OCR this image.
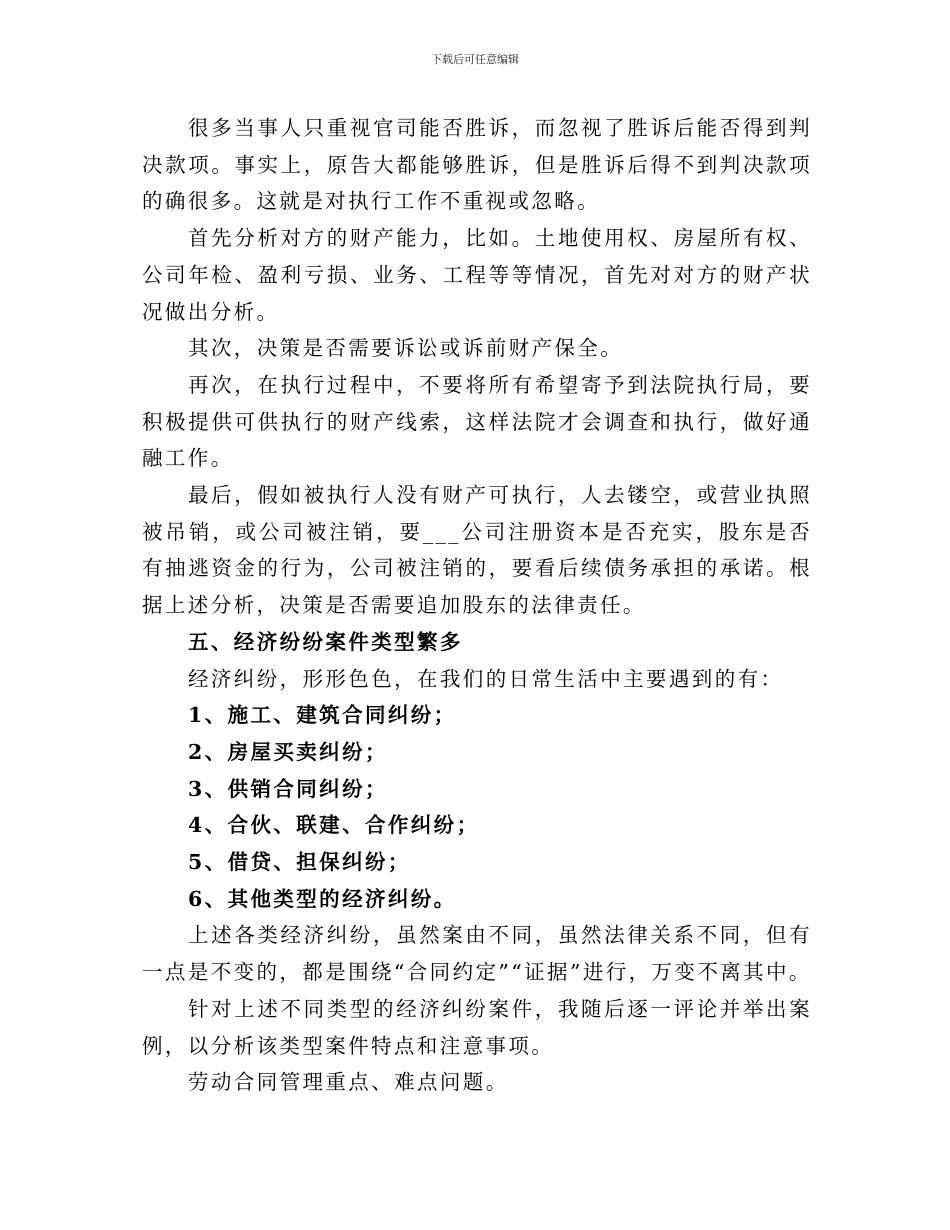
下载后可任意编辑

很多当事人只重视官司能否胜诉，而忽视了胜诉后能否得到判决款项。事实上，原告大都能够胜诉，但是胜诉后得不到判决款项的确很多。这就是对执行工作不重视或忽略。

首先分析对方的财产能力，比如。土地使用权、房屋所有权、公司年检、盈利亏损、业务、工程等等情况，首先对对方的财产状况做出分析。

其次，决策是否需要诉讼或诉前财产保全。

再次，在执行过程中，不要将所有希望寄予到法院执行局，要积极提供可供执行的财产线索，这样法院才会调查和执行，做好通融工作。

最后，假如被执行人没有财产可执行，人去镂空，或营业执照被吊销，或公司被注销，要___公司注册资本是否充实，股东是否有抽逃资金的行为，公司被注销的，要看后续债务承担的承诺。根据上述分析，决策是否需要追加股东的法律责任。

五、经济纷纷案件类型繁多

经济纠纷，形形色色，在我们的日常生活中主要遇到的有：

1、施工、建筑合同纠纷；

2、房屋买卖纠纷；

3、供销合同纠纷；

4、合伙、联建、合作纠纷；

5、借贷、担保纠纷；

6、其他类型的经济纠纷。

上述各类经济纠纷，虽然案由不同，虽然法律关系不同，但有一点是不变的，都是围绕“合同约定”“证据”进行，万变不离其中。

针对上述不同类型的经济纠纷案件，我随后逐一评论并举出案例，以分析该类型案件特点和注意事项。

劳动合同管理重点、难点问题。
